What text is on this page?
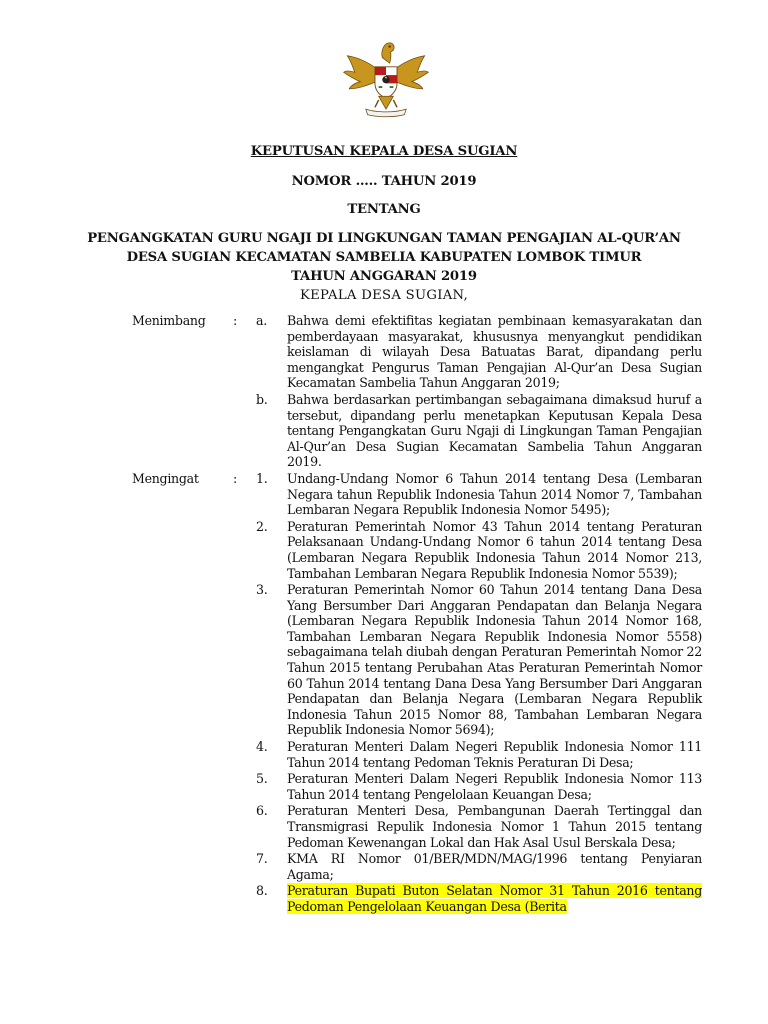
KEPUTUSAN KEPALA DESA SUGIAN
NOMOR ….. TAHUN 2019
TENTANG
PENGANGKATAN GURU NGAJI DI LINGKUNGAN TAMAN PENGAJIAN AL-QUR’AN
DESA SUGIAN KECAMATAN SAMBELIA KABUPATEN LOMBOK TIMUR
TAHUN ANGGARAN 2019
KEPALA DESA SUGIAN,
Menimbang	: a. Bahwa demi efektifitas kegiatan pembinaan kemasyarakatan dan pemberdayaan masyarakat, khususnya menyangkut pendidikan keislaman di wilayah Desa Batuatas Barat, dipandang perlu mengangkat Pengurus Taman Pengajian Al-Qur’an Desa Sugian Kecamatan Sambelia Tahun Anggaran 2019;
b. Bahwa berdasarkan pertimbangan sebagaimana dimaksud huruf a tersebut, dipandang perlu menetapkan Keputusan Kepala Desa tentang Pengangkatan Guru Ngaji di Lingkungan Taman Pengajian Al-Qur’an Desa Sugian Kecamatan Sambelia Tahun Anggaran 2019.
Mengingat	: 1. Undang-Undang Nomor 6 Tahun 2014 tentang Desa (Lembaran Negara tahun Republik Indonesia Tahun 2014 Nomor 7, Tambahan Lembaran Negara Republik Indonesia Nomor 5495);
2. Peraturan Pemerintah Nomor 43 Tahun 2014 tentang Peraturan Pelaksanaan Undang-Undang Nomor 6 tahun 2014 tentang Desa (Lembaran Negara Republik Indonesia Tahun 2014 Nomor 213, Tambahan Lembaran Negara Republik Indonesia Nomor 5539);
3. Peraturan Pemerintah Nomor 60 Tahun 2014 tentang Dana Desa Yang Bersumber Dari Anggaran Pendapatan dan Belanja Negara (Lembaran Negara Republik Indonesia Tahun 2014 Nomor 168, Tambahan Lembaran Negara Republik Indonesia Nomor 5558) sebagaimana telah diubah dengan Peraturan Pemerintah Nomor 22 Tahun 2015 tentang Perubahan Atas Peraturan Pemerintah Nomor 60 Tahun 2014 tentang Dana Desa Yang Bersumber Dari Anggaran Pendapatan dan Belanja Negara (Lembaran Negara Republik Indonesia Tahun 2015 Nomor 88, Tambahan Lembaran Negara Republik Indonesia Nomor 5694);
4. Peraturan Menteri Dalam Negeri Republik Indonesia Nomor 111 Tahun 2014 tentang Pedoman Teknis Peraturan Di Desa;
5. Peraturan Menteri Dalam Negeri Republik Indonesia Nomor 113 Tahun 2014 tentang Pengelolaan Keuangan Desa;
6. Peraturan Menteri Desa, Pembangunan Daerah Tertinggal dan Transmigrasi Repulik Indonesia Nomor 1 Tahun 2015 tentang Pedoman Kewenangan Lokal dan Hak Asal Usul Berskala Desa;
7. KMA RI Nomor 01/BER/MDN/MAG/1996 tentang Penyiaran Agama;
8. Peraturan Bupati Buton Selatan Nomor 31 Tahun 2016 tentang Pedoman Pengelolaan Keuangan Desa (Berita
